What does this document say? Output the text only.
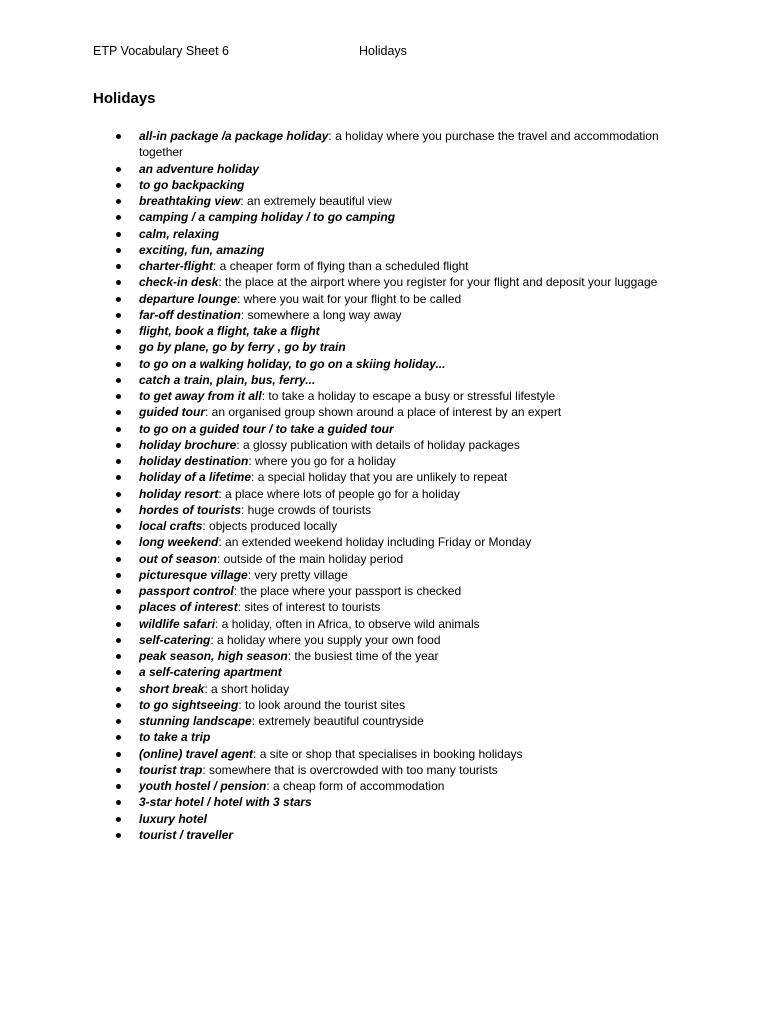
ETP Vocabulary Sheet 6	Holidays
Holidays
all-in package /a package holiday: a holiday where you purchase the travel and accommodation together
an adventure holiday
to go backpacking
breathtaking view: an extremely beautiful view
camping / a camping holiday / to go camping
calm, relaxing
exciting, fun, amazing
charter-flight: a cheaper form of flying than a scheduled flight
check-in desk: the place at the airport where you register for your flight and deposit your luggage
departure lounge: where you wait for your flight to be called
far-off destination: somewhere a long way away
flight, book a flight, take a flight
go by plane, go by ferry , go by train
to go on a walking holiday, to go on a skiing holiday...
catch a train, plain, bus, ferry...
to get away from it all: to take a holiday to escape a busy or stressful lifestyle
guided tour: an organised group shown around a place of interest by an expert
to go on a guided tour / to take a guided tour
holiday brochure: a glossy publication with details of holiday packages
holiday destination: where you go for a holiday
holiday of a lifetime: a special holiday that you are unlikely to repeat
holiday resort: a place where lots of people go for a holiday
hordes of tourists: huge crowds of tourists
local crafts: objects produced locally
long weekend: an extended weekend holiday including Friday or Monday
out of season: outside of the main holiday period
picturesque village: very pretty village
passport control: the place where your passport is checked
places of interest: sites of interest to tourists
wildlife safari: a holiday, often in Africa, to observe wild animals
self-catering: a holiday where you supply your own food
peak season, high season: the busiest time of the year
a self-catering apartment
short break: a short holiday
to go sightseeing: to look around the tourist sites
stunning landscape: extremely beautiful countryside
to take a trip
(online) travel agent: a site or shop that specialises in booking holidays
tourist trap: somewhere that is overcrowded with too many tourists
youth hostel / pension: a cheap form of accommodation
3-star hotel / hotel with 3 stars
luxury hotel
tourist / traveller
